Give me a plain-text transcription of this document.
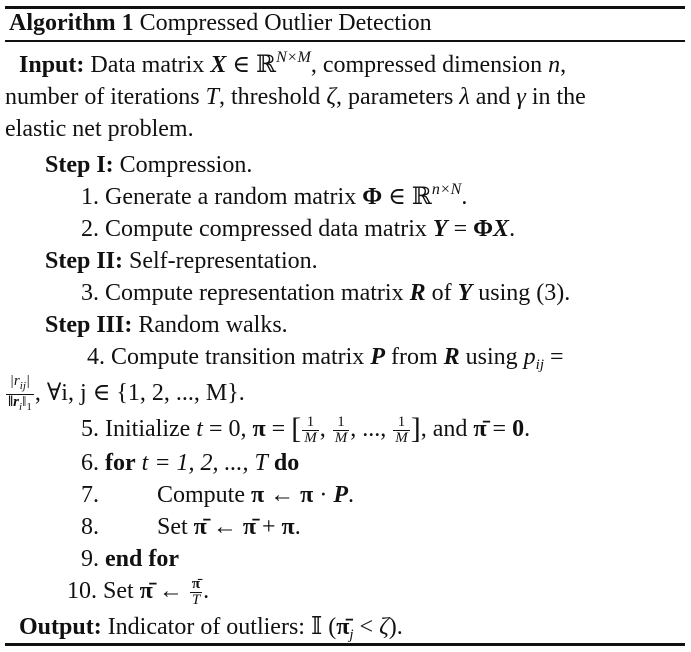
Algorithm 1 Compressed Outlier Detection
Input: Data matrix X ∈ ℝ$^{N\times M}$, compressed dimension n,
number of iterations T, threshold ζ, parameters λ and γ in the
elastic net problem.
Step I: Compression.
1. Generate a random matrix Φ ∈ ℝ$^{n\times N}$.
2. Compute compressed data matrix Y = ΦX.
Step II: Self-representation.
3. Compute representation matrix R of Y using (3).
Step III: Random walks.
4. Compute transition matrix P from R using $p_{ij}$ =
$\frac{|r_{ij}|}{‖r_i‖_1}$ , ∀i, j ∈ {1, 2, ..., M}.
5. Initialize t = 0, π = [ $\frac{1}{M}$ , $\frac{1}{M}$ , ..., $\frac{1}{M}$ ], and π̄ = 0.
6. for t = 1, 2, ..., T do
7. Compute π ← π · P.
8. Set π̄ ← π̄ + π.
9. end for
10. Set π̄ ← $\frac{\pī}{T}$ .
Output: Indicator of outliers: 𝕀 $(\pī_j < \zeta)$.
